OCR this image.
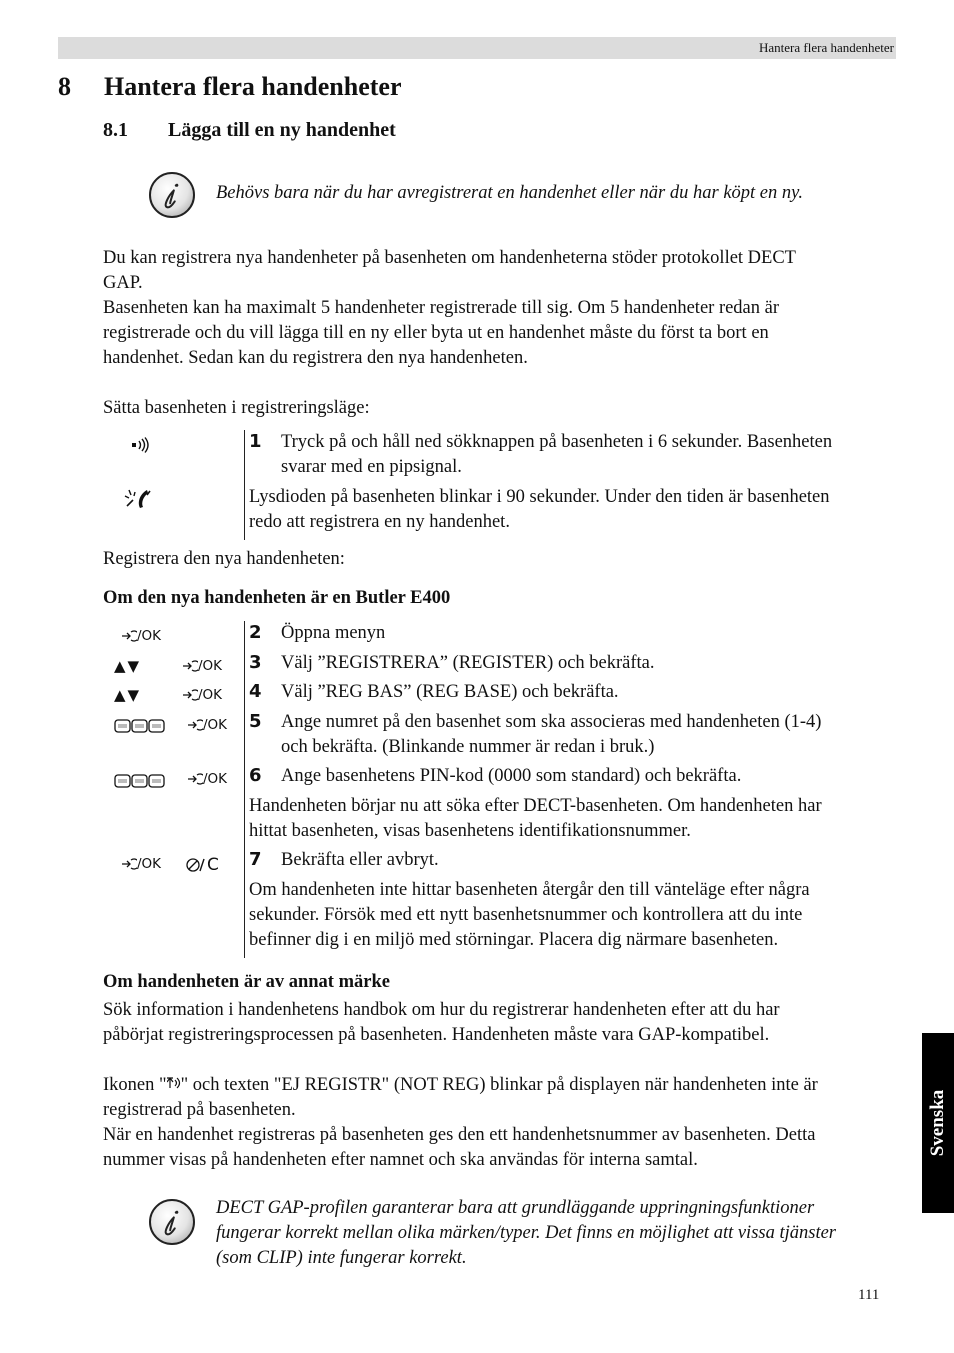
Hantera flera handenheter
8 Hantera flera handenheter
8.1 Lägga till en ny handenhet
Behövs bara när du har avregistrerat en handenhet eller när du har köpt en ny.
Du kan registrera nya handenheter på basenheten om handenheterna stöder protokollet DECT
GAP.
Basenheten kan ha maximalt 5 handenheter registrerade till sig. Om 5 handenheter redan är
registrerade och du vill lägga till en ny eller byta ut en handenhet måste du först ta bort en
handenhet. Sedan kan du registrera den nya handenheten.
Sätta basenheten i registreringsläge:
1 Tryck på och håll ned sökknappen på basenheten i 6 sekunder. Basenheten
svarar med en pipsignal.
Lysdioden på basenheten blinkar i 90 sekunder. Under den tiden är basenheten
redo att registrera en ny handenhet.
Registrera den nya handenheten:
Om den nya handenheten är en Butler E400
/OK	2 Öppna menyn
▲▼	/OK 3 Välj ”REGISTRERA” (REGISTER) och bekräfta.
▲▼	/OK 4 Välj ”REG BAS” (REG BASE) och bekräfta.
/OK 5 Ange numret på den basenhet som ska associeras med handenheten (1-4)
och bekräfta. (Blinkande nummer är redan i bruk.)
/OK 6 Ange basenhetens PIN-kod (0000 som standard) och bekräfta.
Handenheten börjar nu att söka efter DECT-basenheten. Om handenheten har
hittat basenheten, visas basenhetens identifikationsnummer.
/OK	C 7 Bekräfta eller avbryt.
Om handenheten inte hittar basenheten återgår den till vänteläge efter några
sekunder. Försök med ett nytt basenhetsnummer och kontrollera att du inte
befinner dig i en miljö med störningar. Placera dig närmare basenheten.
Om handenheten är av annat märke
Sök information i handenhetens handbok om hur du registrerar handenheten efter att du har
påbörjat registreringsprocessen på basenheten. Handenheten måste vara GAP-kompatibel.
Ikonen " " och texten "EJ REGISTR" (NOT REG) blinkar på displayen när handenheten inte är
registrerad på basenheten.
När en handenhet registreras på basenheten ges den ett handenhetsnummer av basenheten. Detta
nummer visas på handenheten efter namnet och ska användas för interna samtal.
DECT GAP-profilen garanterar bara att grundläggande uppringningsfunktioner
fungerar korrekt mellan olika märken/typer. Det finns en möjlighet att vissa tjänster
(som CLIP) inte fungerar korrekt.
Svenska
111
